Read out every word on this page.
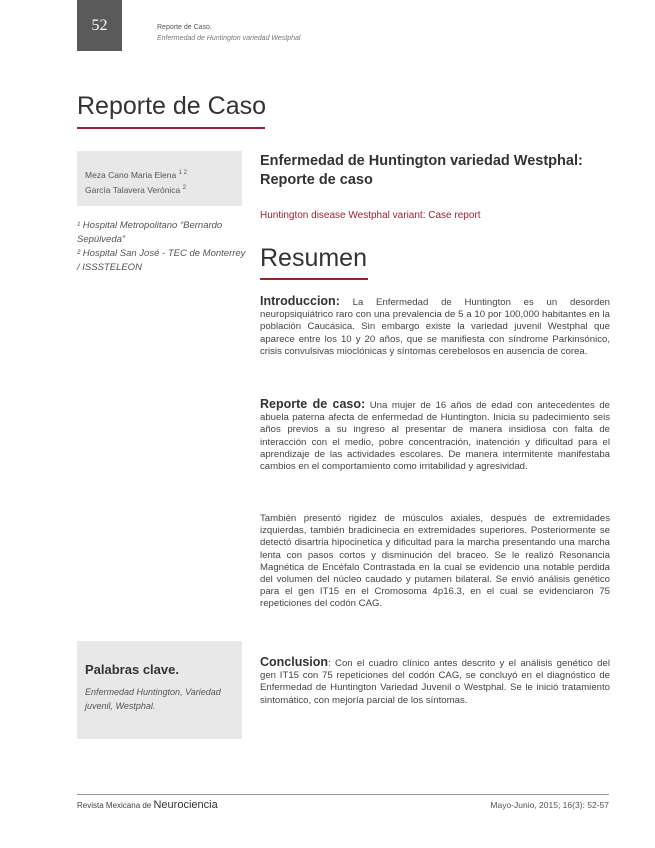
52	Reporte de Caso.
Enfermedad de Huntington variedad Westphal
Reporte de Caso
Meza Cano Maria Elena $^{1 2}$
García Talavera Verónica $^2$

¹ Hospital Metropolitano “Bernardo Sepúlveda”

² Hospital San José - TEC de Monterrey / ISSSTELEON

Enfermedad de Huntington variedad Westphal:

Reporte de caso

Huntington disease Westphal variant: Case report
Resumen

Introduccion: La Enfermedad de Huntington es un desorden neuropsiquiátrico raro con una prevalencia de 5 a 10 por 100,000 habitantes en la población Caucásica. Sin embargo existe la variedad juvenil Westphal que aparece entre los 10 y 20 años, que se manifiesta con síndrome Parkinsónico, crisis convulsivas mioclónicas y síntomas cerebelosos en ausencia de corea.

Reporte de caso: Una mujer de 16 años de edad con antecedentes de abuela paterna afecta de enfermedad de Huntington. Inicia su padecimiento seis años previos a su ingreso al presentar de manera insidiosa con falta de interacción con el medio, pobre concentración, inatención y dificultad para el aprendizaje de las actividades escolares. De manera intermitente manifestaba cambios en el comportamiento como irritabilidad y agresividad.

También presentó rigidez de músculos axiales, después de extremidades izquierdas, también bradicinecia en extremidades superiores. Posteriormente se detectó disartria hipocinetica y dificultad para la marcha presentando una marcha lenta con pasos cortos y disminución del braceo. Se le realizó Resonancia Magnética de Encéfalo Contrastada en la cual se evidencio una notable perdida del volumen del núcleo caudado y putamen bilateral. Se envió análisis genético para el gen IT15 en el Cromosoma 4p16.3, en el cual se evidenciaron 75 repeticiones del codón CAG.

Conclusion: Con el cuadro clínico antes descrito y el análisis genético del gen IT15 con 75 repeticiones del codón CAG, se concluyó en el diagnóstico de Enfermedad de Huntington Variedad Juvenil o Westphal. Se le inició tratamiento sintomático, con mejoría parcial de los síntomas.

Palabras clave.
Enfermedad Huntington, Variedad juvenil, Westphal.
Revista Mexicana de Neurociencia	Mayo-Junio, 2015; 16(3): 52-57
